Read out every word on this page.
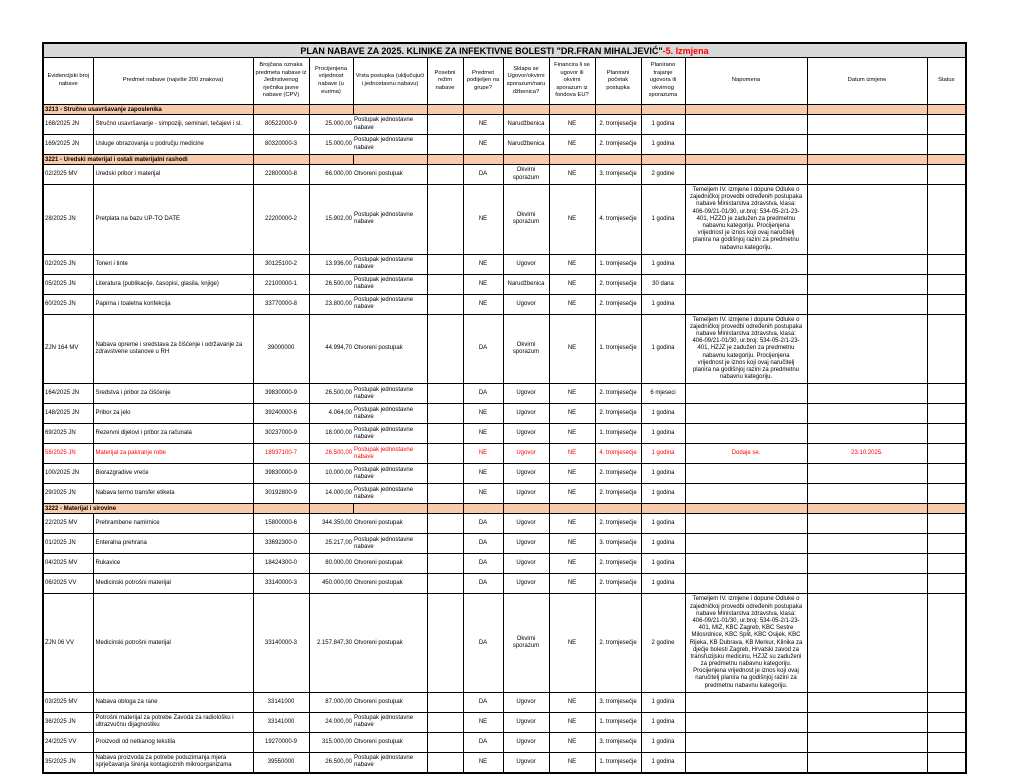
PLAN NABAVE ZA 2025. KLINIKE ZA INFEKTIVNE BOLESTI "DR.FRAN MIHALJEVIĆ"-5. Izmjena													
Evidencijski broj nabave	Predmet nabave (najviše 200 znakova)	Brojčana oznaka predmeta nabave iz Jedinstvenog rječnika javne nabave (CPV)	Procijenjena vrijednost nabave (u eurima)	Vrsta postupka (uključujući i jednostavnu nabavu)	Posebni režim nabave	Predmet podijeljen na grupe?	Sklapa se Ugovor/okvirni sporazum/narudžbenica?	Financira li se ugovor ili okvirni sporazum iz fondova EU?	Planirani početak postupka	Planirano trajanje ugovora ili okvirnog sporazuma	Napomena	Datum izmjene	Status
3213 - Stručno usavršavanje zaposlenika													
168/2025 JN	Stručno usavršavanje - simpoziji, seminari, tečajevi i sl.	80522000-9	25.000,00	Postupak jednostavne nabave		NE	Narudžbenica	NE	2. tromjesečje	1 godina			
169/2025 JN	Usluge obrazovanja u području medicine	80320000-3	15.000,00	Postupak jednostavne nabave		NE	Narudžbenica	NE	2. tromjesečje	1 godina			
3221 - Uredski materijal i ostali materijalni rashodi													
02/2025 MV	Uredski pribor i materijal	22800000-8	66.000,00	Otvoreni postupak		DA	Okvirni sporazum	NE	3. tromjesečje	2 godine			
28/2025 JN	Pretplata na bazu UP-TO DATE	22200000-2	15.902,00	Postupak jednostavne nabave		NE	Okvirni sporazum	NE	4. tromjesečje	1 godina	Temeljem IV. izmjene i dopune Odluke o zajedničkoj provedbi određenih postupaka nabave Ministarstva zdravstva, klasa: 406-09/21-01/30, ur.broj: 534-05-2/1-23-401, HZZO je zadužen za predmetnu nabavnu kategoriju. Procijenjena vrijednost je iznos koji ovaj naručitelj planira na godišnjoj razini za predmetnu nabavnu kategoriju.		
02/2025 JN	Toneri i tinte	30125100-2	13.936,00	Postupak jednostavne nabave		NE	Ugovor	NE	1. tromjesečje	1 godina			
05/2025 JN	Literatura (publikacije, časopisi, glasila, knjige)	22100000-1	26.500,00	Postupak jednostavne nabave		NE	Narudžbenica	NE	2. tromjesečje	30 dana			
60/2025 JN	Papirna i toaletna konfekcija	33770000-8	23.800,00	Postupak jednostavne nabave		NE	Ugovor	NE	2. tromjesečje	1 godina			
ZJN 164 MV	Nabava opreme i sredstava za čišćenje i održavanje za zdravstvene ustanove u RH	39000000	44.994,70	Otvoreni postupak		DA	Okvirni sporazum	NE	1. tromjesečje	1 godina	Temeljem IV. izmjene i dopune Odluke o zajedničkoj provedbi određenih postupaka nabave Ministarstva zdravstva, klasa: 406-09/21-01/30, ur.broj: 534-05-2/1-23-401, HZJZ je zadužen za predmetnu nabavnu kategoriju. Procijenjena vrijednost je iznos koji ovaj naručitelj planira na godišnjoj razini za predmetnu nabavnu kategoriju.		
164/2025 JN	Sredstva i pribor za čišćenje	39830000-9	26.500,00	Postupak jednostavne nabave		DA	Ugovor	NE	2. tromjesečje	6 mjeseci			
148/2025 JN	Pribor za jelo	39240000-6	4.064,00	Postupak jednostavne nabave		NE	Ugovor	NE	2. tromjesečje	1 godina			
69/2025 JN	Rezervni dijelovi i pribor za računala	30237000-9	18.000,00	Postupak jednostavne nabave		NE	Ugovor	NE	1. tromjesečje	1 godina			
58/2025 JN	Materijal za pakiranje robe	18937100-7	26.500,00	Postupak jednostavne nabave		NE	Ugovor	NE	4. tromjesečje	1 godina	Dodaje se.	23.10.2025.	
100/2025 JN	Biorazgradive vreće	39830000-9	10.000,00	Postupak jednostavne nabave		NE	Ugovor	NE	2. tromjesečje	1 godina			
29/2025 JN	Nabava termo transfer etiketa	30192800-9	14.000,00	Postupak jednostavne nabave		NE	Ugovor	NE	2. tromjesečje	1 godina			
3222 - Materijal i sirovine													
22/2025 MV	Prehrambene namirnice	15800000-6	344.350,00	Otvoreni postupak		DA	Ugovor	NE	2. tromjesečje	1 godina			
01/2025 JN	Enteralna prehrana	33692300-0	25.217,00	Postupak jednostavne nabave		DA	Ugovor	NE	3. tromjesečje	1 godina			
04/2025 MV	Rukavice	18424300-0	80.000,00	Otvoreni postupak		DA	Ugovor	NE	2. tromjesečje	1 godina			
06/2025 VV	Medicinski potrošni materijal	33140000-3	450.000,00	Otvoreni postupak		DA	Ugovor	NE	2. tromjesečje	1 godina			
ZJN 06 VV	Medicinski potrošni materijal	33140000-3	2.157.847,30	Otvoreni postupak		DA	Okvirni sporazum	NE	2. tromjesečje	2 godine	Temeljem IV. izmjene i dopune Odluke o zajedničkoj provedbi određenih postupaka nabave Ministarstva zdravstva, klasa: 406-09/21-01/30, ur.broj: 534-05-2/1-23-401, MIZ, KBC Zagreb, KBC Sestre Milosrdnice, KBC Split, KBC Osijek, KBC Rijeka, KB Dubrava, KB Merkur, Klinika za dječje bolesti Zagreb, Hrvatski zavod za transfuzijsku medicinu, HZJZ su zaduženi za predmetnu nabavnu kategoriju. Procijenjena vrijednost je iznos koji ovaj naručitelj planira na godišnjoj razini za predmetnu nabavnu kategoriju.		
03/2025 MV	Nabava obloga za rane	33141000	87.000,00	Otvoreni postupak		DA	Ugovor	NE	3. tromjesečje	1 godina			
36/2025 JN	Potrošni materijal za potrebe Zavoda za radiološku i ultrazvučnu dijagnostiku	33141000	24.000,00	Postupak jednostavne nabave		NE	Ugovor	NE	1. tromjesečje	1 godina			
24/2025 VV	Proizvodi od netkanog tekstila	19270000-9	315.000,00	Otvoreni postupak		DA	Ugovor	NE	3. tromjesečje	1 godina			
35/2025 JN	Nabava proizvoda za potrebe poduzimanja mjera sprječavanja širenja kontagioznih mikroorganizama	39550000	26.500,00	Postupak jednostavne nabave		NE	Ugovor	NE	1. tromjesečje	1 godina			
